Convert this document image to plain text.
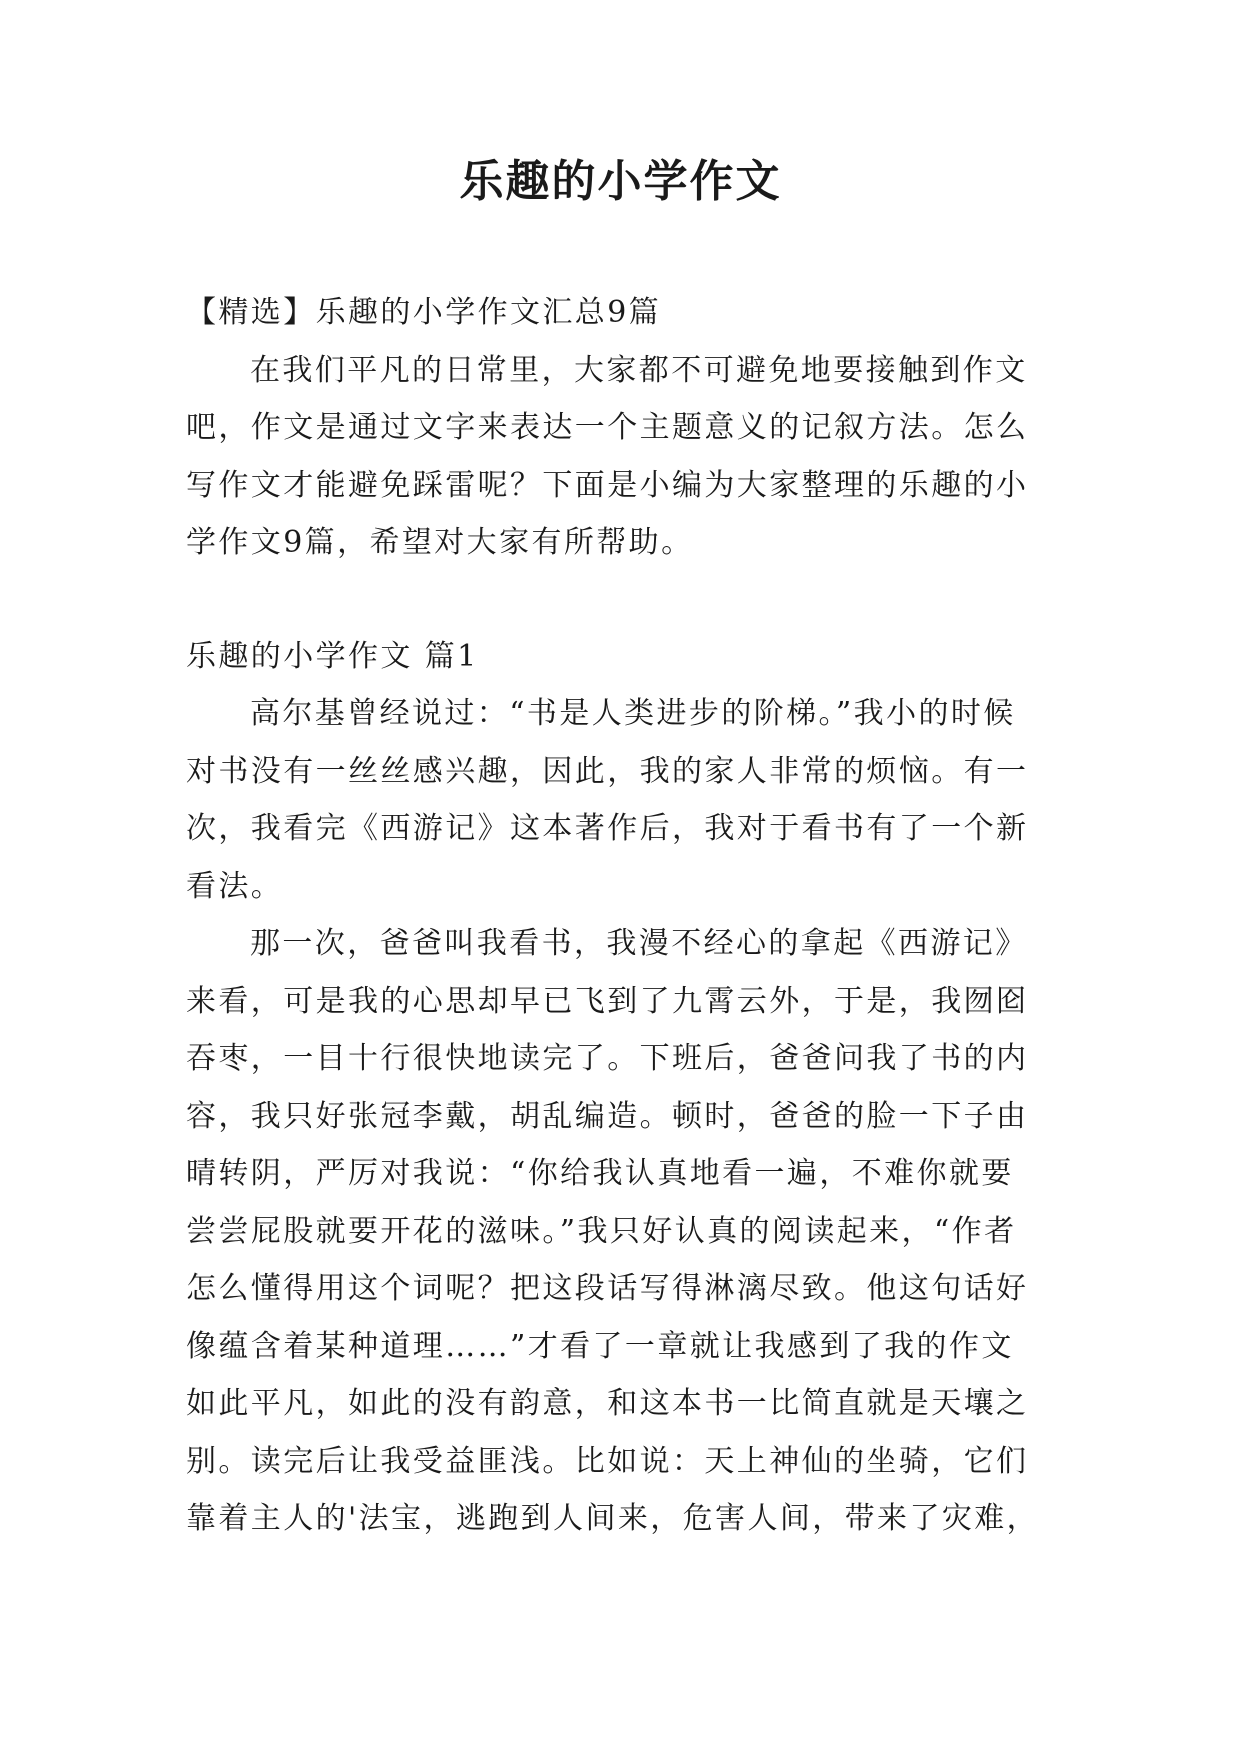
乐趣的小学作文

【精选】乐趣的小学作文汇总9篇

在我们平凡的日常里，大家都不可避免地要接触到作文吧，作文是通过文字来表达一个主题意义的记叙方法。怎么写作文才能避免踩雷呢？下面是小编为大家整理的乐趣的小学作文9篇，希望对大家有所帮助。

乐趣的小学作文 篇1

高尔基曾经说过：“书是人类进步的阶梯。”我小的时候对书没有一丝丝感兴趣，因此，我的家人非常的烦恼。有一次，我看完《西游记》这本著作后，我对于看书有了一个新看法。

那一次，爸爸叫我看书，我漫不经心的拿起《西游记》来看，可是我的心思却早已飞到了九霄云外，于是，我囫囵吞枣，一目十行很快地读完了。下班后，爸爸问我了书的内容，我只好张冠李戴，胡乱编造。顿时，爸爸的脸一下子由晴转阴，严厉对我说：“你给我认真地看一遍，不难你就要尝尝屁股就要开花的滋味。”我只好认真的阅读起来，“作者怎么懂得用这个词呢？把这段话写得淋漓尽致。他这句话好像蕴含着某种道理……”才看了一章就让我感到了我的作文如此平凡，如此的没有韵意，和这本书一比简直就是天壤之别。读完后让我受益匪浅。比如说：天上神仙的坐骑，它们靠着主人的'法宝，逃跑到人间来，危害人间，带来了灾难，
